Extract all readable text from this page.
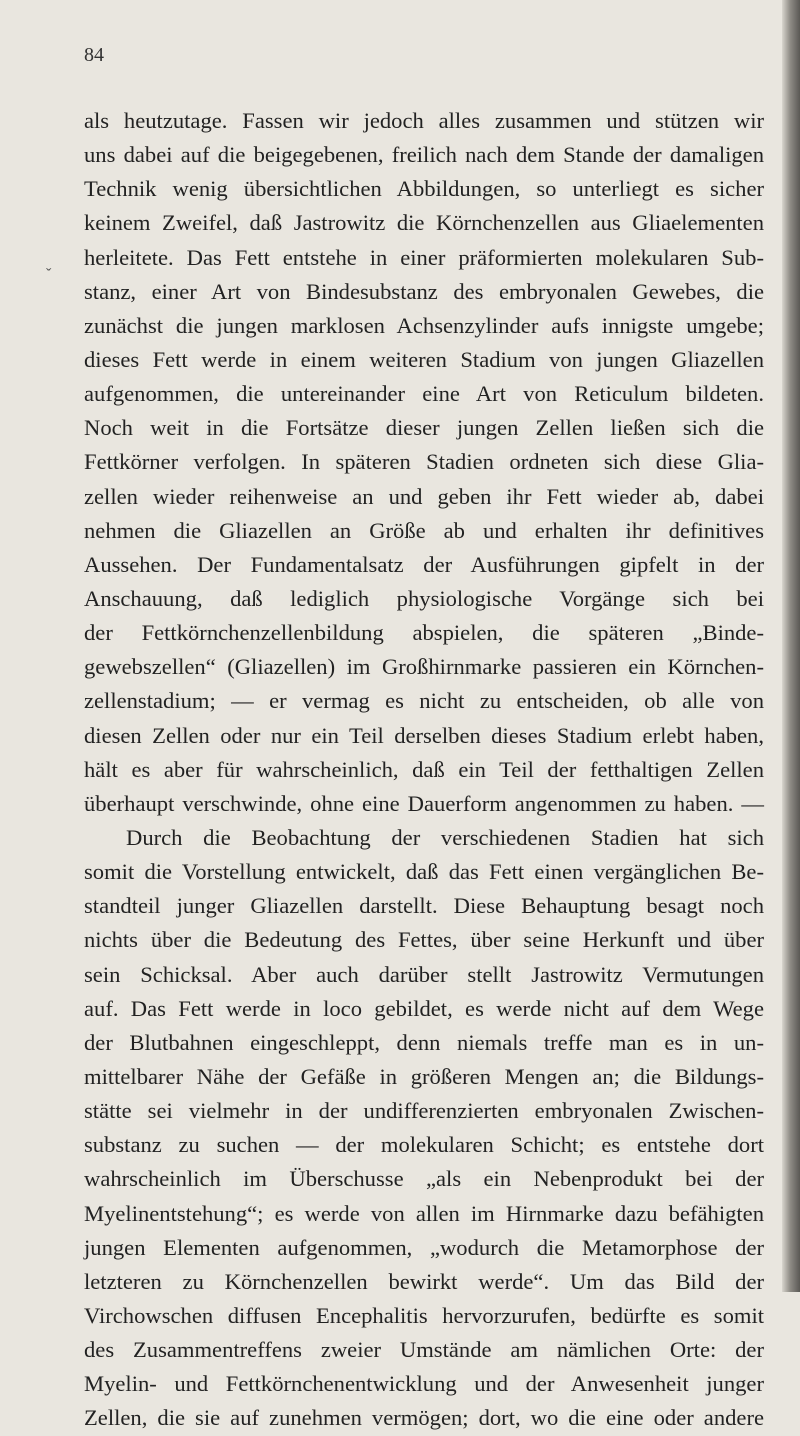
84
ˇ
als heutzutage. Fassen wir jedoch alles zusammen und stützen wir
uns dabei auf die beigegebenen, freilich nach dem Stande der damaligen
Technik wenig übersichtlichen Abbildungen, so unterliegt es sicher
keinem Zweifel, daß Jastrowitz die Körnchenzellen aus Gliaelementen
herleitete. Das Fett entstehe in einer präformierten molekularen Sub-
stanz, einer Art von Bindesubstanz des embryonalen Gewebes, die
zunächst die jungen marklosen Achsenzylinder aufs innigste umgebe;
dieses Fett werde in einem weiteren Stadium von jungen Gliazellen
aufgenommen, die untereinander eine Art von Reticulum bildeten.
Noch weit in die Fortsätze dieser jungen Zellen ließen sich die
Fettkörner verfolgen. In späteren Stadien ordneten sich diese Glia-
zellen wieder reihenweise an und geben ihr Fett wieder ab, dabei
nehmen die Gliazellen an Größe ab und erhalten ihr definitives
Aussehen. Der Fundamentalsatz der Ausführungen gipfelt in der
Anschauung, daß lediglich physiologische Vorgänge sich bei
der Fettkörnchenzellenbildung abspielen, die späteren „Binde-
gewebszellen“ (Gliazellen) im Großhirnmarke passieren ein Körnchen-
zellenstadium; — er vermag es nicht zu entscheiden, ob alle von
diesen Zellen oder nur ein Teil derselben dieses Stadium erlebt haben,
hält es aber für wahrscheinlich, daß ein Teil der fetthaltigen Zellen
überhaupt verschwinde, ohne eine Dauerform angenommen zu haben. —
Durch die Beobachtung der verschiedenen Stadien hat sich
somit die Vorstellung entwickelt, daß das Fett einen vergänglichen Be-
standteil junger Gliazellen darstellt. Diese Behauptung besagt noch
nichts über die Bedeutung des Fettes, über seine Herkunft und über
sein Schicksal. Aber auch darüber stellt Jastrowitz Vermutungen
auf. Das Fett werde in loco gebildet, es werde nicht auf dem Wege
der Blutbahnen eingeschleppt, denn niemals treffe man es in un-
mittelbarer Nähe der Gefäße in größeren Mengen an; die Bildungs-
stätte sei vielmehr in der undifferenzierten embryonalen Zwischen-
substanz zu suchen — der molekularen Schicht; es entstehe dort
wahrscheinlich im Überschusse „als ein Nebenprodukt bei der
Myelinentstehung“; es werde von allen im Hirnmarke dazu befähigten
jungen Elementen aufgenommen, „wodurch die Metamorphose der
letzteren zu Körnchenzellen bewirkt werde“. Um das Bild der
Virchowschen diffusen Encephalitis hervorzurufen, bedürfte es somit
des Zusammentreffens zweier Umstände am nämlichen Orte: der
Myelin- und Fettkörnchenentwicklung und der Anwesenheit junger
Zellen, die sie auf zunehmen vermögen; dort, wo die eine oder andere
